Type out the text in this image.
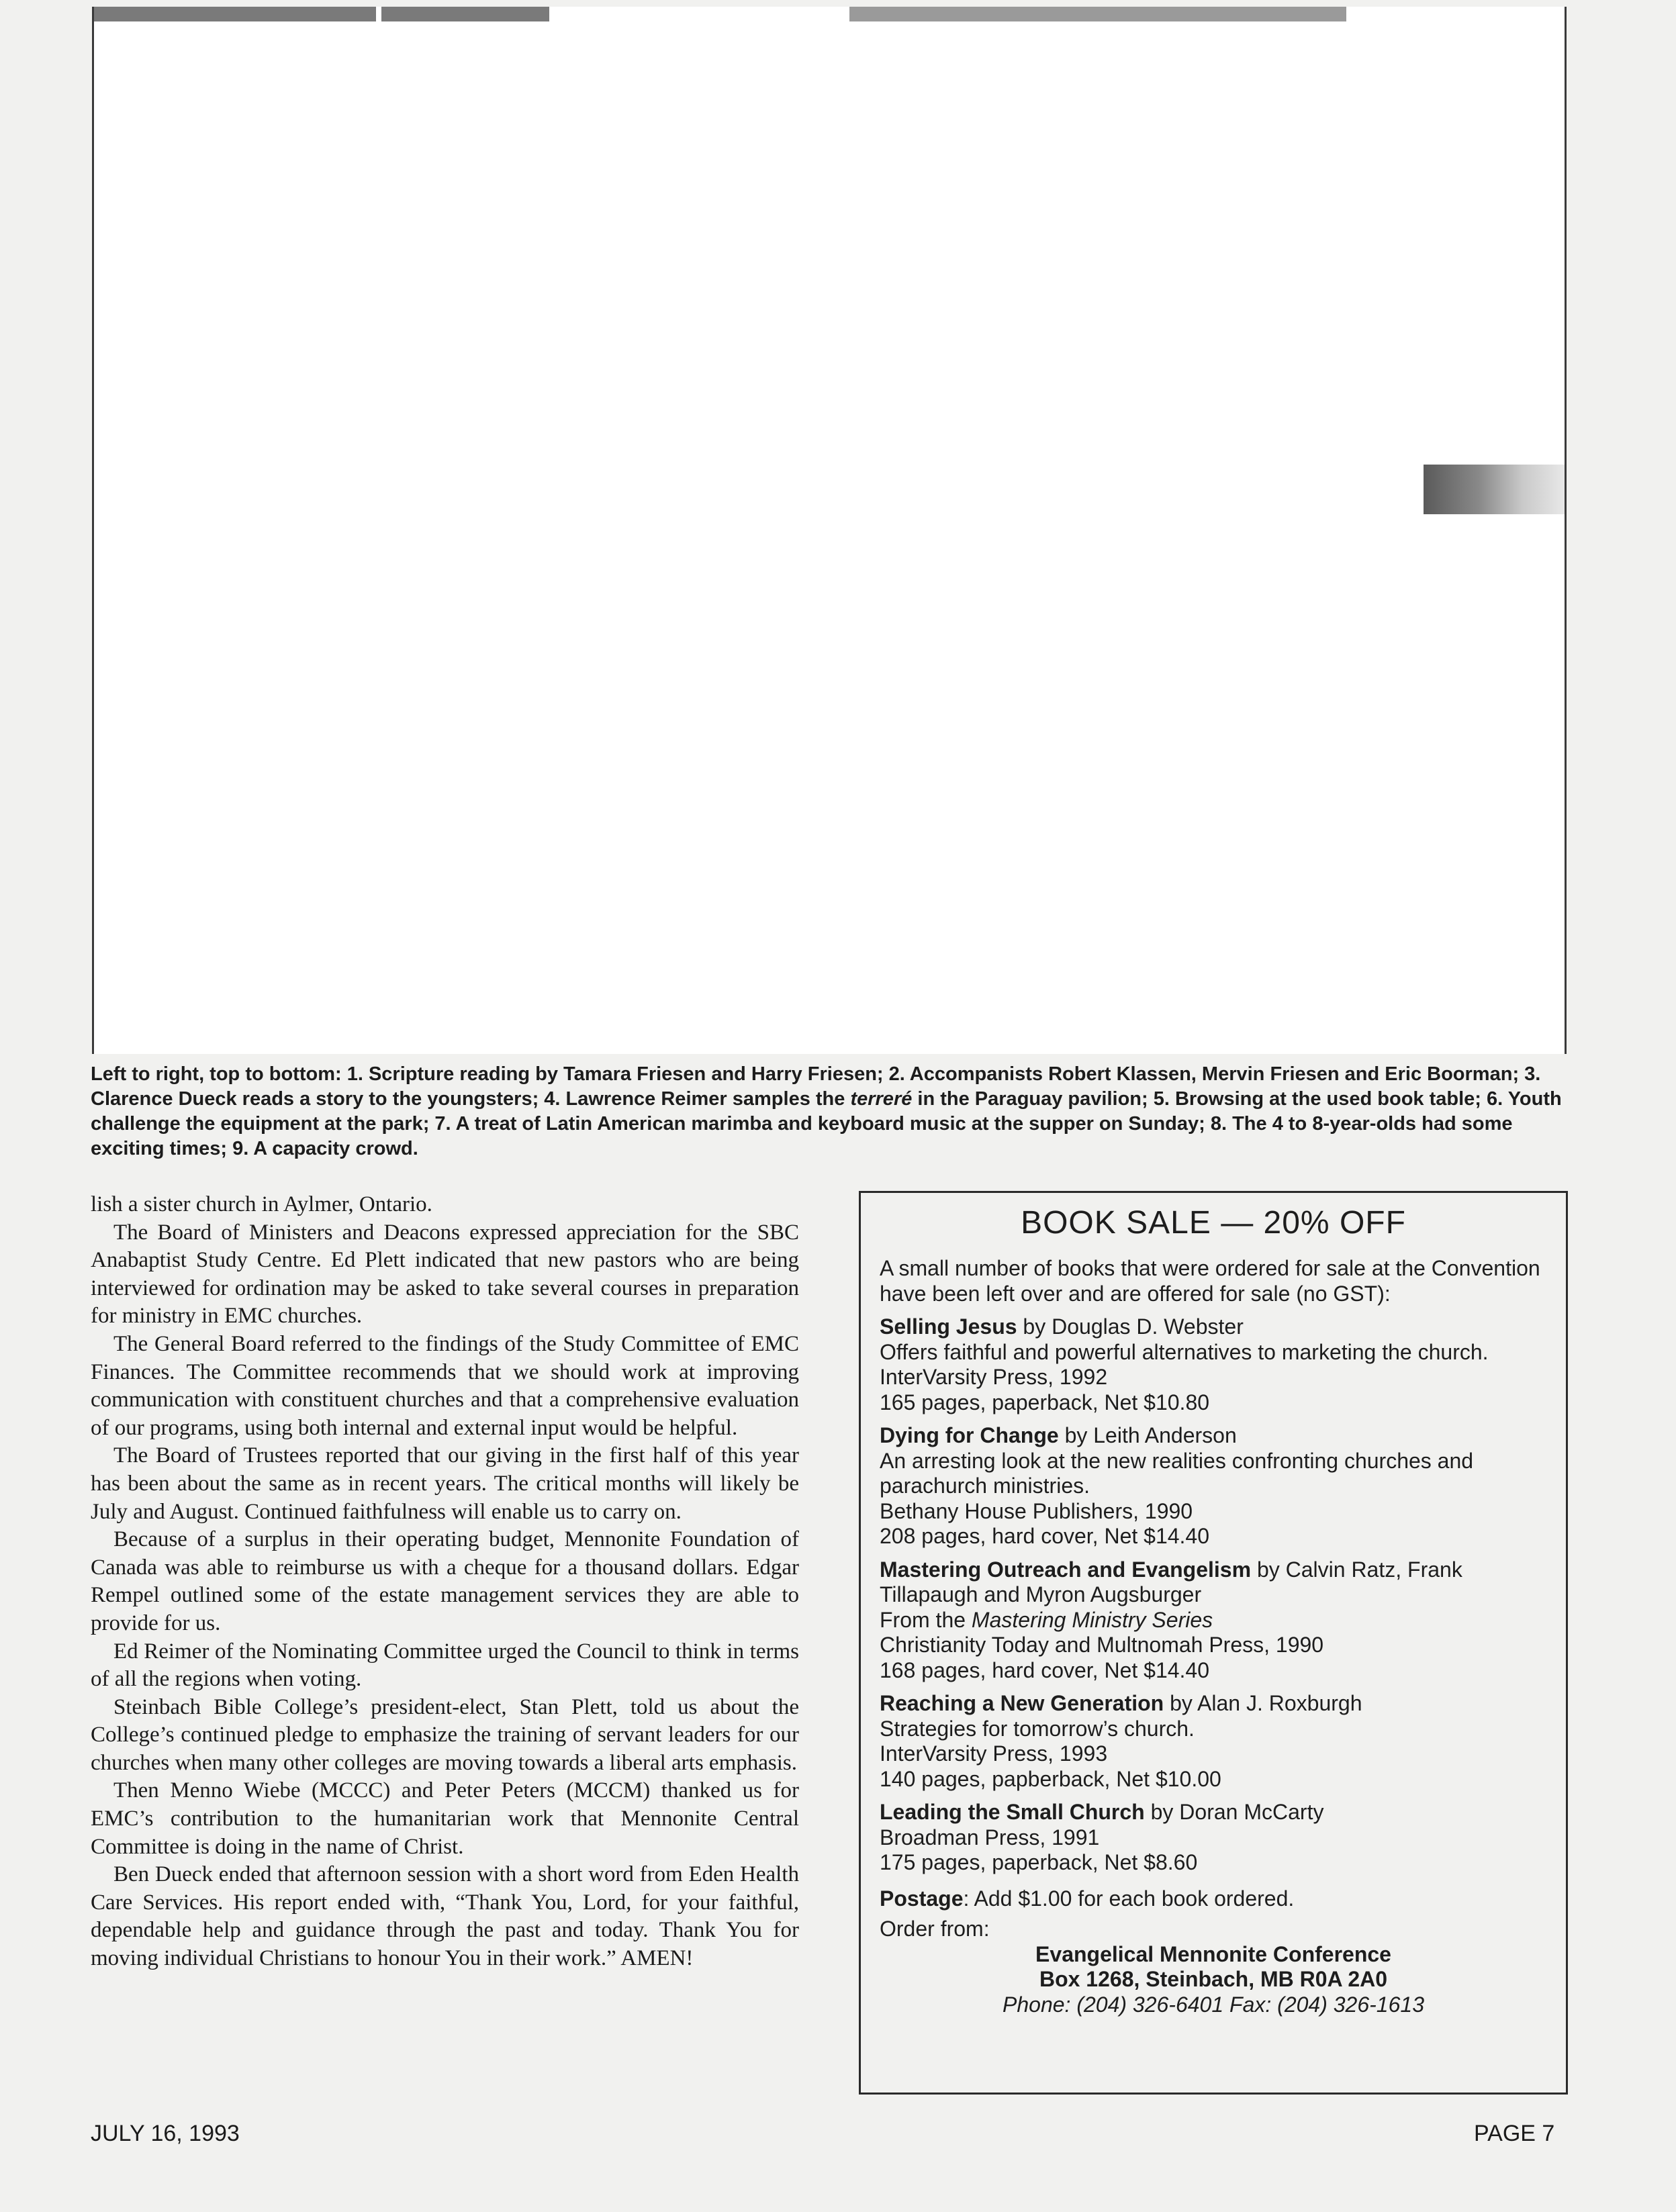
Left to right, top to bottom: 1. Scripture reading by Tamara Friesen and Harry Friesen; 2. Accompanists Robert Klassen, Mervin Friesen and Eric Boorman; 3. Clarence Dueck reads a story to the youngsters; 4. Lawrence Reimer samples the terreré in the Paraguay pavilion; 5. Browsing at the used book table; 6. Youth challenge the equipment at the park; 7. A treat of Latin American marimba and keyboard music at the supper on Sunday; 8. The 4 to 8-year-olds had some exciting times; 9. A capacity crowd.

lish a sister church in Aylmer, Ontario.

The Board of Ministers and Deacons expressed appreciation for the SBC Anabaptist Study Centre. Ed Plett indicated that new pastors who are being interviewed for ordination may be asked to take several courses in preparation for ministry in EMC churches.

The General Board referred to the findings of the Study Committee of EMC Finances. The Committee recommends that we should work at improving communication with constituent churches and that a comprehensive evaluation of our programs, using both internal and external input would be helpful.

The Board of Trustees reported that our giving in the first half of this year has been about the same as in recent years. The critical months will likely be July and August. Continued faithfulness will enable us to carry on.

Because of a surplus in their operating budget, Mennonite Foundation of Canada was able to reimburse us with a cheque for a thousand dollars. Edgar Rempel outlined some of the estate management services they are able to provide for us.

Ed Reimer of the Nominating Committee urged the Council to think in terms of all the regions when voting.

Steinbach Bible College’s president-elect, Stan Plett, told us about the College’s continued pledge to emphasize the training of servant leaders for our churches when many other colleges are moving towards a liberal arts emphasis.

Then Menno Wiebe (MCCC) and Peter Peters (MCCM) thanked us for EMC’s contribution to the humanitarian work that Mennonite Central Committee is doing in the name of Christ.

Ben Dueck ended that afternoon session with a short word from Eden Health Care Services. His report ended with, “Thank You, Lord, for your faithful, dependable help and guidance through the past and today. Thank You for moving individual Christians to honour You in their work.” AMEN!

BOOK SALE — 20% OFF
A small number of books that were ordered for sale at the Convention have been left over and are offered for sale (no GST):
Selling Jesus by Douglas D. Webster
Offers faithful and powerful alternatives to marketing the church.
InterVarsity Press, 1992
165 pages, paperback, Net $10.80
Dying for Change by Leith Anderson
An arresting look at the new realities confronting churches and parachurch ministries.
Bethany House Publishers, 1990
208 pages, hard cover, Net $14.40
Mastering Outreach and Evangelism by Calvin Ratz, Frank Tillapaugh and Myron Augsburger
From the Mastering Ministry Series
Christianity Today and Multnomah Press, 1990
168 pages, hard cover, Net $14.40
Reaching a New Generation by Alan J. Roxburgh
Strategies for tomorrow’s church.
InterVarsity Press, 1993
140 pages, papberback, Net $10.00
Leading the Small Church by Doran McCarty
Broadman Press, 1991
175 pages, paperback, Net $8.60
Postage: Add $1.00 for each book ordered.
Order from:
Evangelical Mennonite Conference
Box 1268, Steinbach, MB R0A 2A0
Phone: (204) 326-6401 Fax: (204) 326-1613
JULY 16, 1993	PAGE 7
